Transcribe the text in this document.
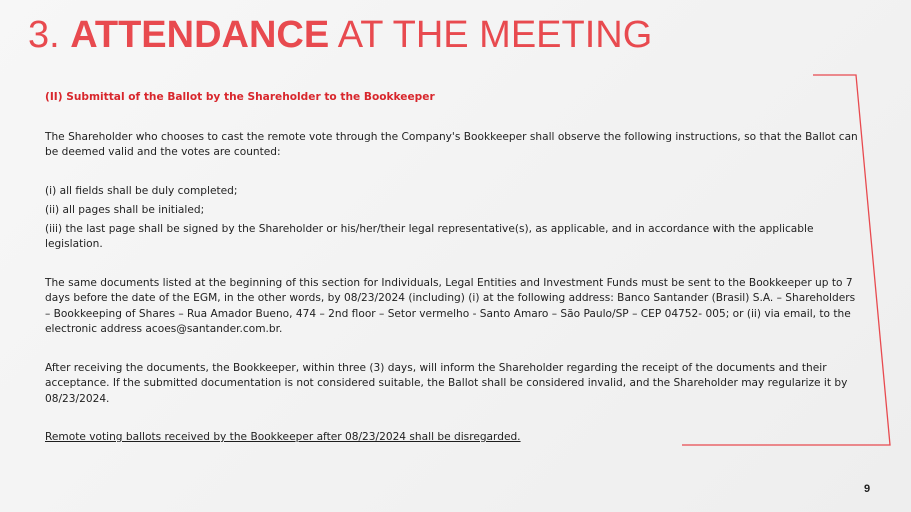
3. ATTENDANCE AT THE MEETING

(II) Submittal of the Ballot by the Shareholder to the Bookkeeper

The Shareholder who chooses to cast the remote vote through the Company's Bookkeeper shall observe the following instructions, so that the Ballot can be deemed valid and the votes are counted:

(i) all fields shall be duly completed;

(ii) all pages shall be initialed;

(iii) the last page shall be signed by the Shareholder or his/her/their legal representative(s), as applicable, and in accordance with the applicable legislation.

The same documents listed at the beginning of this section for Individuals, Legal Entities and Investment Funds must be sent to the Bookkeeper up to 7 days before the date of the EGM, in the other words, by 08/23/2024 (including) (i) at the following address: Banco Santander (Brasil) S.A. – Shareholders – Bookkeeping of Shares – Rua Amador Bueno, 474 – 2nd floor – Setor vermelho - Santo Amaro – São Paulo/SP – CEP 04752- 005; or (ii) via email, to the electronic address acoes@santander.com.br.

After receiving the documents, the Bookkeeper, within three (3) days, will inform the Shareholder regarding the receipt of the documents and their acceptance. If the submitted documentation is not considered suitable, the Ballot shall be considered invalid, and the Shareholder may regularize it by 08/23/2024.

Remote voting ballots received by the Bookkeeper after 08/23/2024 shall be disregarded.

9
